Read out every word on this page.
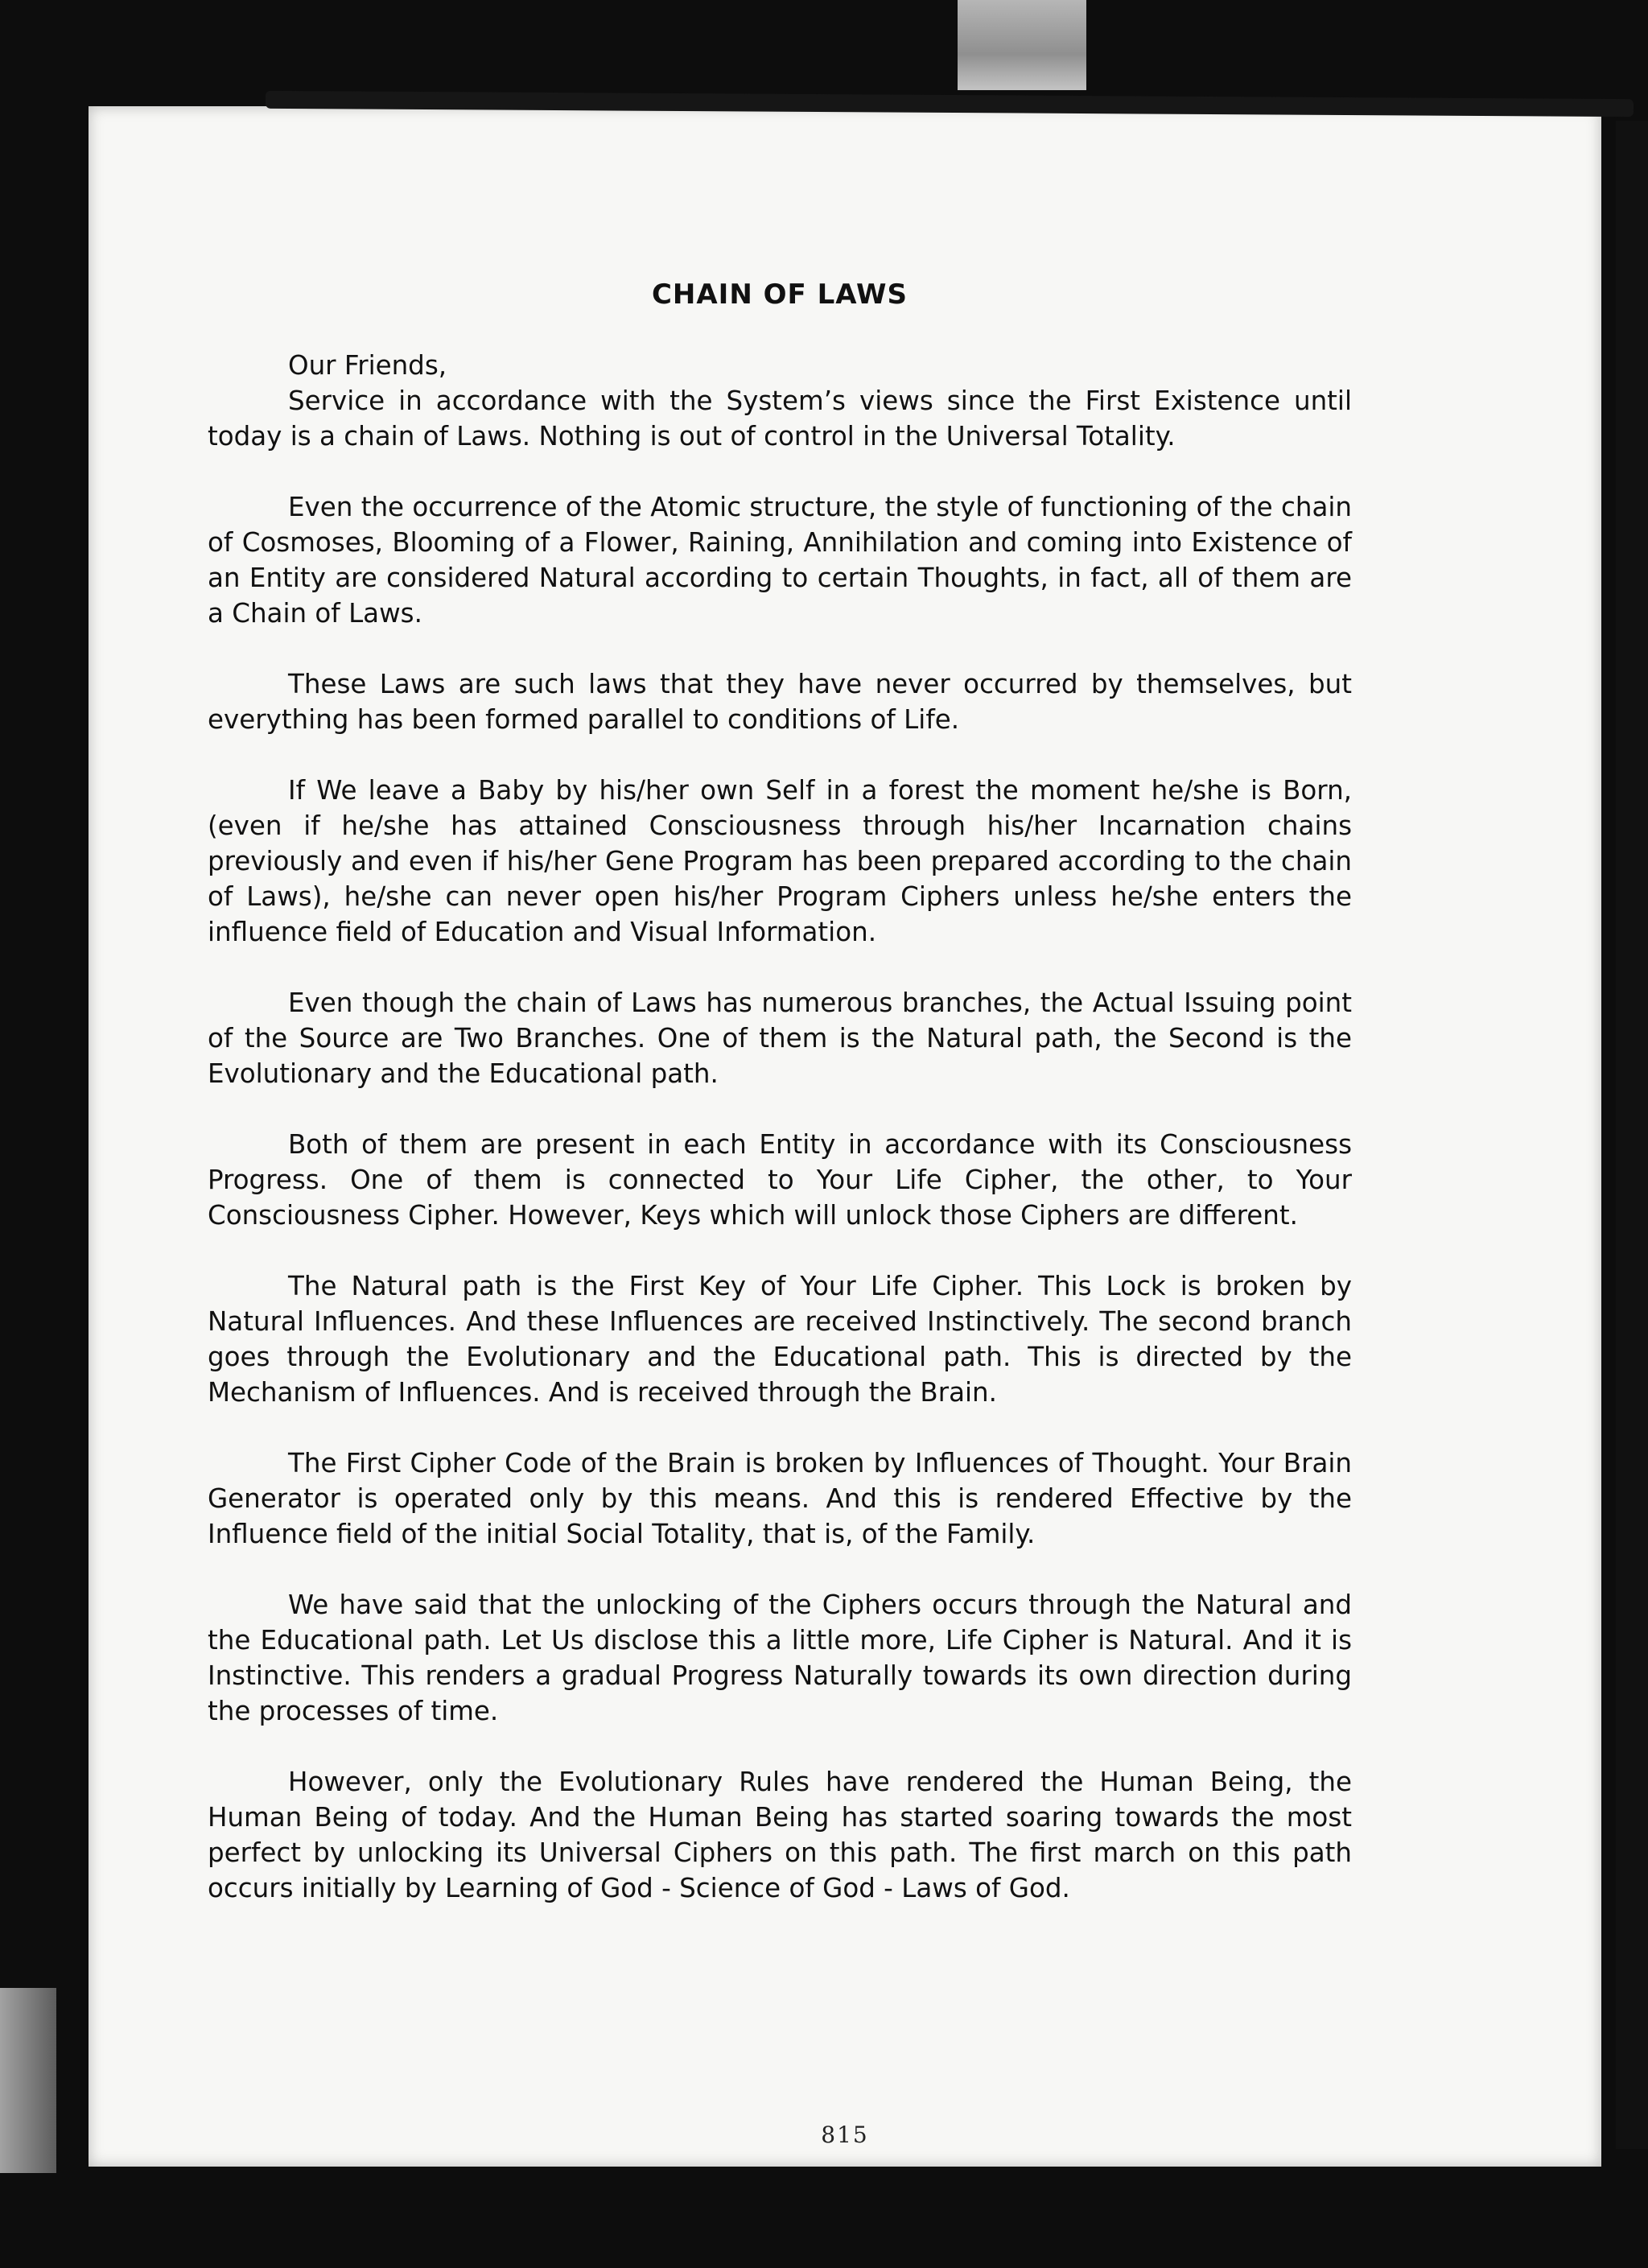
815
CHAIN OF LAWS

Our Friends,

Service in accordance with the System’s views since the First Existence until today is a chain of Laws. Nothing is out of control in the Universal Totality.

Even the occurrence of the Atomic structure, the style of functioning of the chain of Cosmoses, Blooming of a Flower, Raining, Annihilation and coming into Existence of an Entity are considered Natural according to certain Thoughts, in fact, all of them are a Chain of Laws.

These Laws are such laws that they have never occurred by themselves, but everything has been formed parallel to conditions of Life.

If We leave a Baby by his/her own Self in a forest the moment he/she is Born, (even if he/she has attained Consciousness through his/her Incarnation chains previously and even if his/her Gene Program has been prepared according to the chain of Laws), he/she can never open his/her Program Ciphers unless he/she enters the influence field of Education and Visual Information.

Even though the chain of Laws has numerous branches, the Actual Issuing point of the Source are Two Branches. One of them is the Natural path, the Second is the Evolutionary and the Educational path.

Both of them are present in each Entity in accordance with its Consciousness Progress. One of them is connected to Your Life Cipher, the other, to Your Consciousness Cipher. However, Keys which will unlock those Ciphers are different.

The Natural path is the First Key of Your Life Cipher. This Lock is broken by Natural Influences. And these Influences are received Instinctively. The second branch goes through the Evolutionary and the Educational path. This is directed by the Mechanism of Influences. And is received through the Brain.

The First Cipher Code of the Brain is broken by Influences of Thought. Your Brain Generator is operated only by this means. And this is rendered Effective by the Influence field of the initial Social Totality, that is, of the Family.

We have said that the unlocking of the Ciphers occurs through the Natural and the Educational path. Let Us disclose this a little more, Life Cipher is Natural. And it is Instinctive. This renders a gradual Progress Naturally towards its own direction during the processes of time.

However, only the Evolutionary Rules have rendered the Human Being, the Human Being of today. And the Human Being has started soaring towards the most perfect by unlocking its Universal Ciphers on this path. The first march on this path occurs initially by Learning of God - Science of God - Laws of God.
